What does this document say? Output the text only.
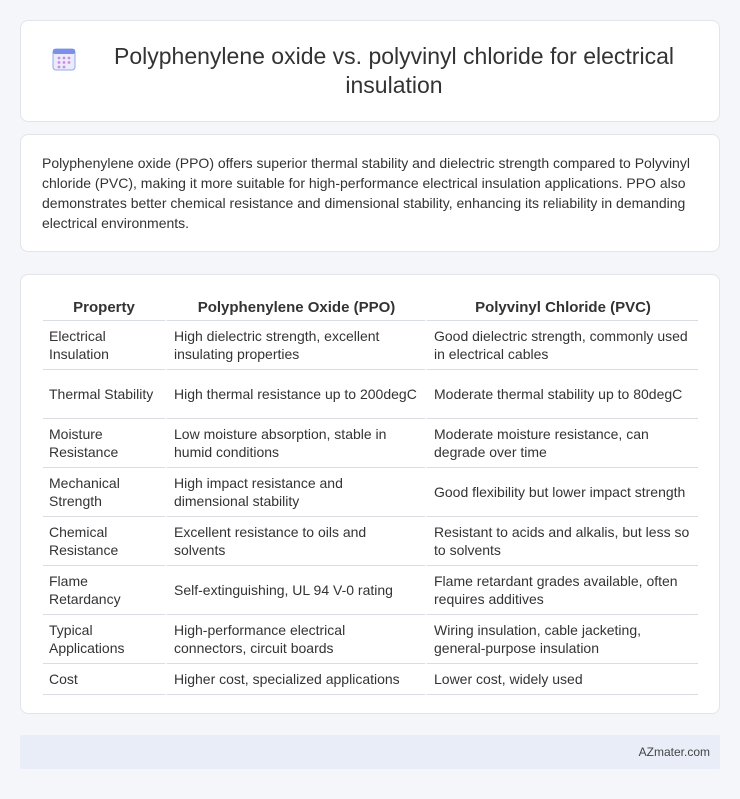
Polyphenylene oxide vs. polyvinyl chloride for electrical insulation

Polyphenylene oxide (PPO) offers superior thermal stability and dielectric strength compared to Polyvinyl chloride (PVC), making it more suitable for high-performance electrical insulation applications. PPO also demonstrates better chemical resistance and dimensional stability, enhancing its reliability in demanding electrical environments.

Property	Polyphenylene Oxide (PPO)	Polyvinyl Chloride (PVC)
Electrical Insulation	High dielectric strength, excellent insulating properties	Good dielectric strength, commonly used in electrical cables
Thermal Stability	High thermal resistance up to 200degC	Moderate thermal stability up to 80degC
Moisture Resistance	Low moisture absorption, stable in humid conditions	Moderate moisture resistance, can degrade over time
Mechanical Strength	High impact resistance and dimensional stability	Good flexibility but lower impact strength
Chemical Resistance	Excellent resistance to oils and solvents	Resistant to acids and alkalis, but less so to solvents
Flame Retardancy	Self-extinguishing, UL 94 V-0 rating	Flame retardant grades available, often requires additives
Typical Applications	High-performance electrical connectors, circuit boards	Wiring insulation, cable jacketing, general-purpose insulation
Cost	Higher cost, specialized applications	Lower cost, widely used
AZmater.com
